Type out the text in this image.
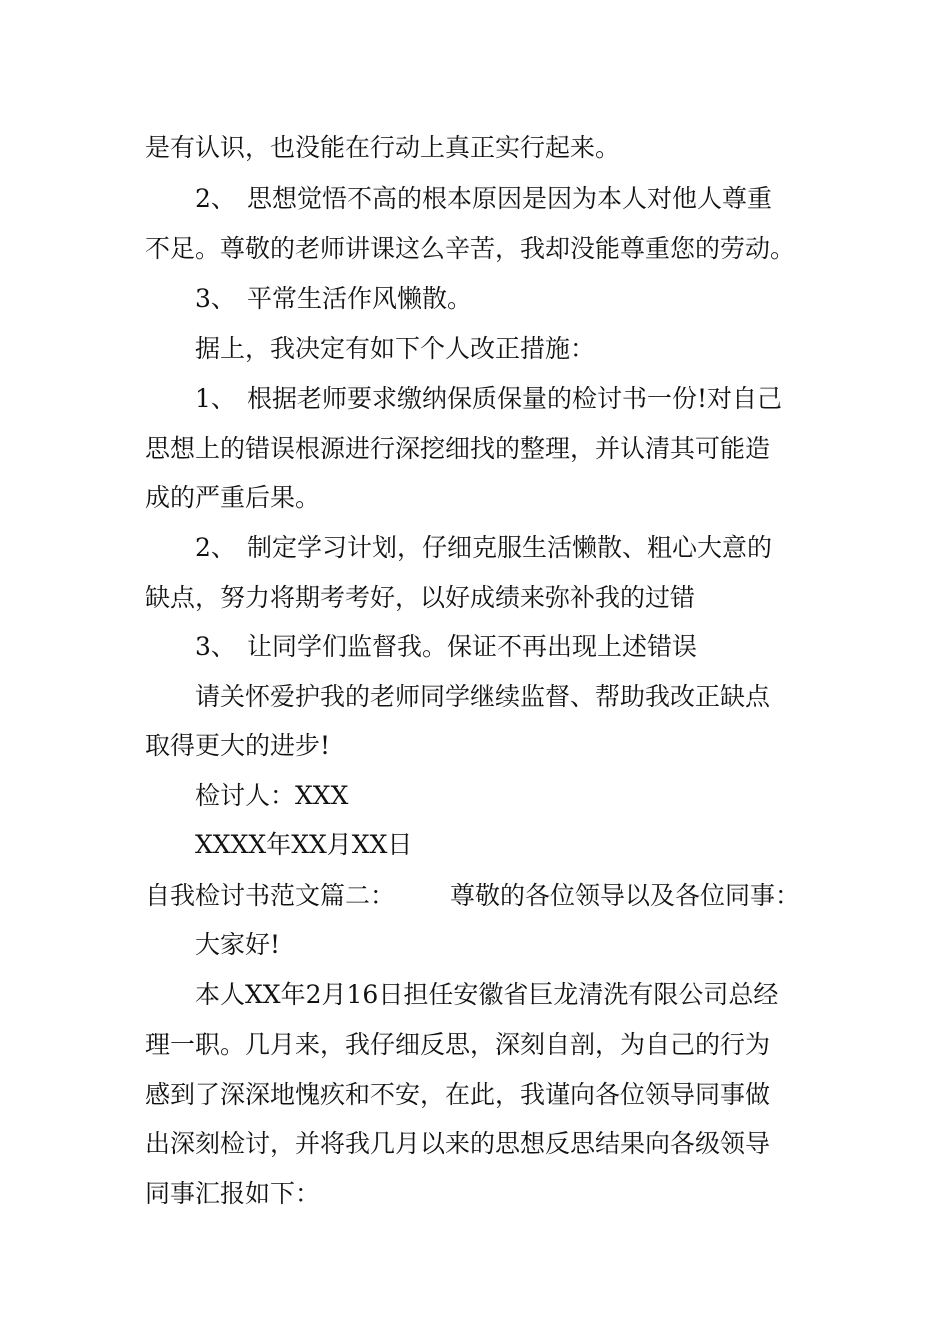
是有认识，也没能在行动上真正实行起来。
2、 思想觉悟不高的根本原因是因为本人对他人尊重
不足。尊敬的老师讲课这么辛苦，我却没能尊重您的劳动。
3、 平常生活作风懒散。
据上，我决定有如下个人改正措施：
1、 根据老师要求缴纳保质保量的检讨书一份!对自己
思想上的错误根源进行深挖细找的整理，并认清其可能造
成的严重后果。
2、 制定学习计划，仔细克服生活懒散、粗心大意的
缺点，努力将期考考好，以好成绩来弥补我的过错
3、 让同学们监督我。保证不再出现上述错误
请关怀爱护我的老师同学继续监督、帮助我改正缺点
取得更大的进步!
检讨人：XXX
XXXX年XX月XX日
自我检讨书范文篇二： 尊敬的各位领导以及各位同事：
大家好!
本人XX年2月16日担任安徽省巨龙清洗有限公司总经
理一职。几月来，我仔细反思，深刻自剖，为自己的行为
感到了深深地愧疚和不安，在此，我谨向各位领导同事做
出深刻检讨，并将我几月以来的思想反思结果向各级领导
同事汇报如下：
